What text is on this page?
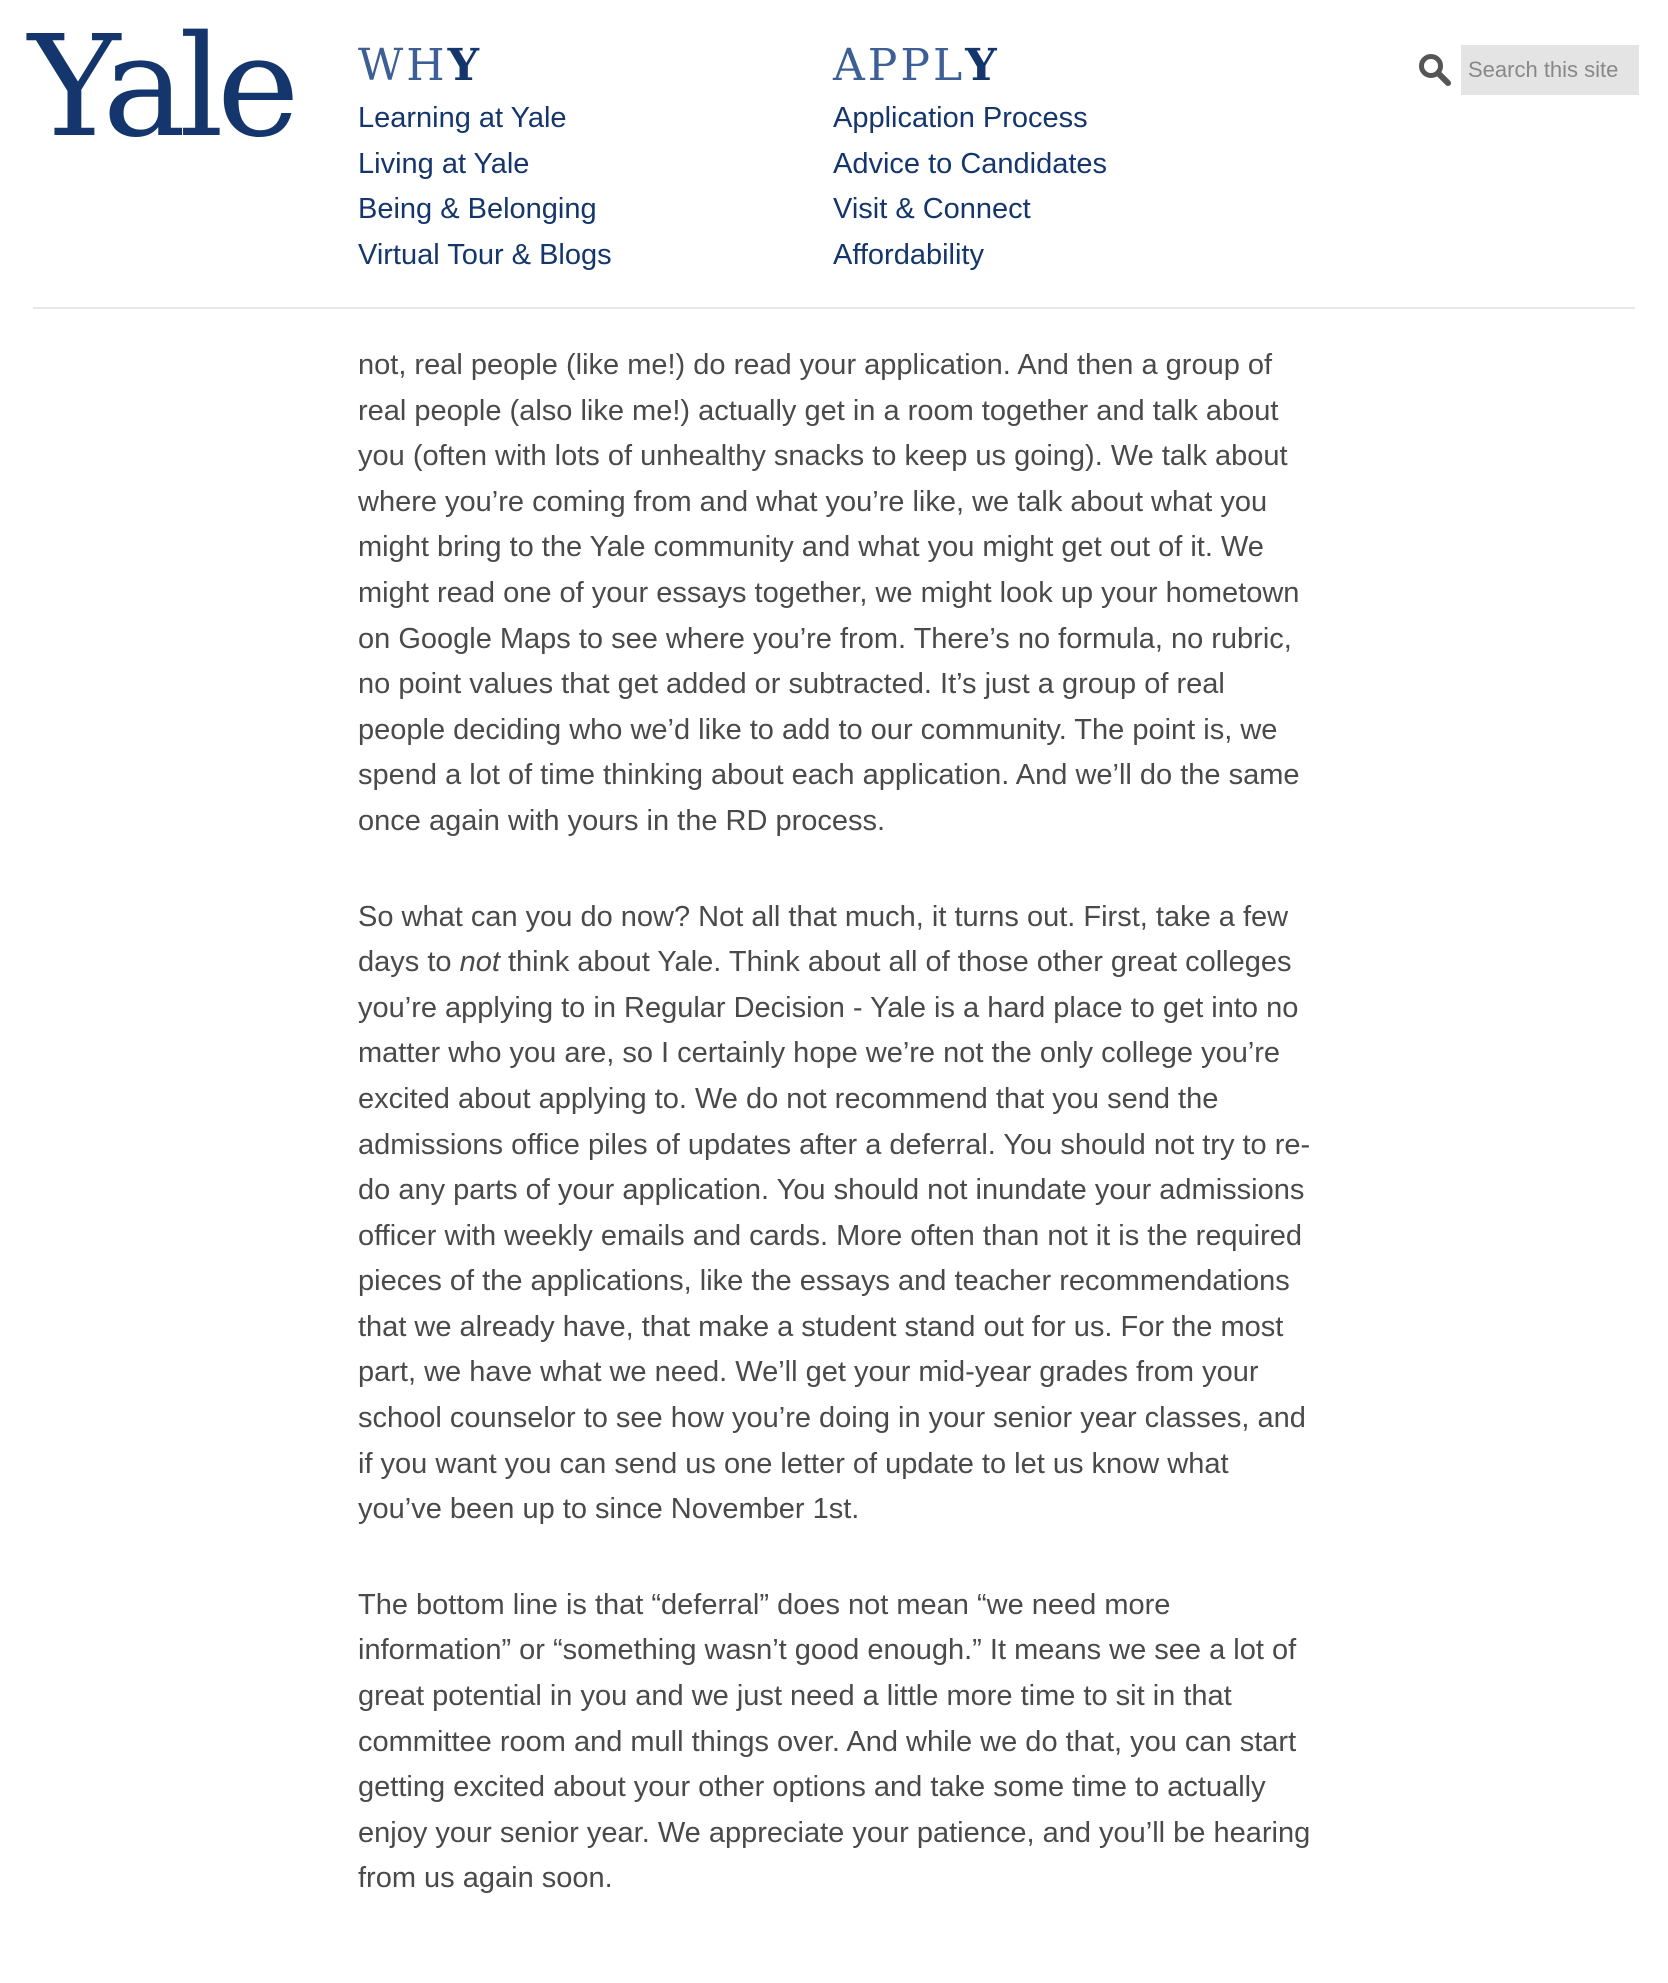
Yale WHY
Learning at Yale
Living at Yale
Being & Belonging
Virtual Tour & Blogs
APPLY
Application Process
Advice to Candidates
Visit & Connect
Affordability
Search this site

not, real people (like me!) do read your application. And then a group of real people (also like me!) actually get in a room together and talk about you (often with lots of unhealthy snacks to keep us going). We talk about where you’re coming from and what you’re like, we talk about what you might bring to the Yale community and what you might get out of it. We might read one of your essays together, we might look up your hometown on Google Maps to see where you’re from. There’s no formula, no rubric, no point values that get added or subtracted. It’s just a group of real people deciding who we’d like to add to our community. The point is, we spend a lot of time thinking about each application. And we’ll do the same once again with yours in the RD process.

So what can you do now? Not all that much, it turns out. First, take a few days to not think about Yale. Think about all of those other great colleges you’re applying to in Regular Decision - Yale is a hard place to get into no matter who you are, so I certainly hope we’re not the only college you’re excited about applying to. We do not recommend that you send the admissions office piles of updates after a deferral. You should not try to re-do any parts of your application. You should not inundate your admissions officer with weekly emails and cards. More often than not it is the required pieces of the applications, like the essays and teacher recommendations that we already have, that make a student stand out for us. For the most part, we have what we need. We’ll get your mid-year grades from your school counselor to see how you’re doing in your senior year classes, and if you want you can send us one letter of update to let us know what you’ve been up to since November 1st.

The bottom line is that “deferral” does not mean “we need more information” or “something wasn’t good enough.” It means we see a lot of great potential in you and we just need a little more time to sit in that committee room and mull things over. And while we do that, you can start getting excited about your other options and take some time to actually enjoy your senior year. We appreciate your patience, and you’ll be hearing from us again soon.
